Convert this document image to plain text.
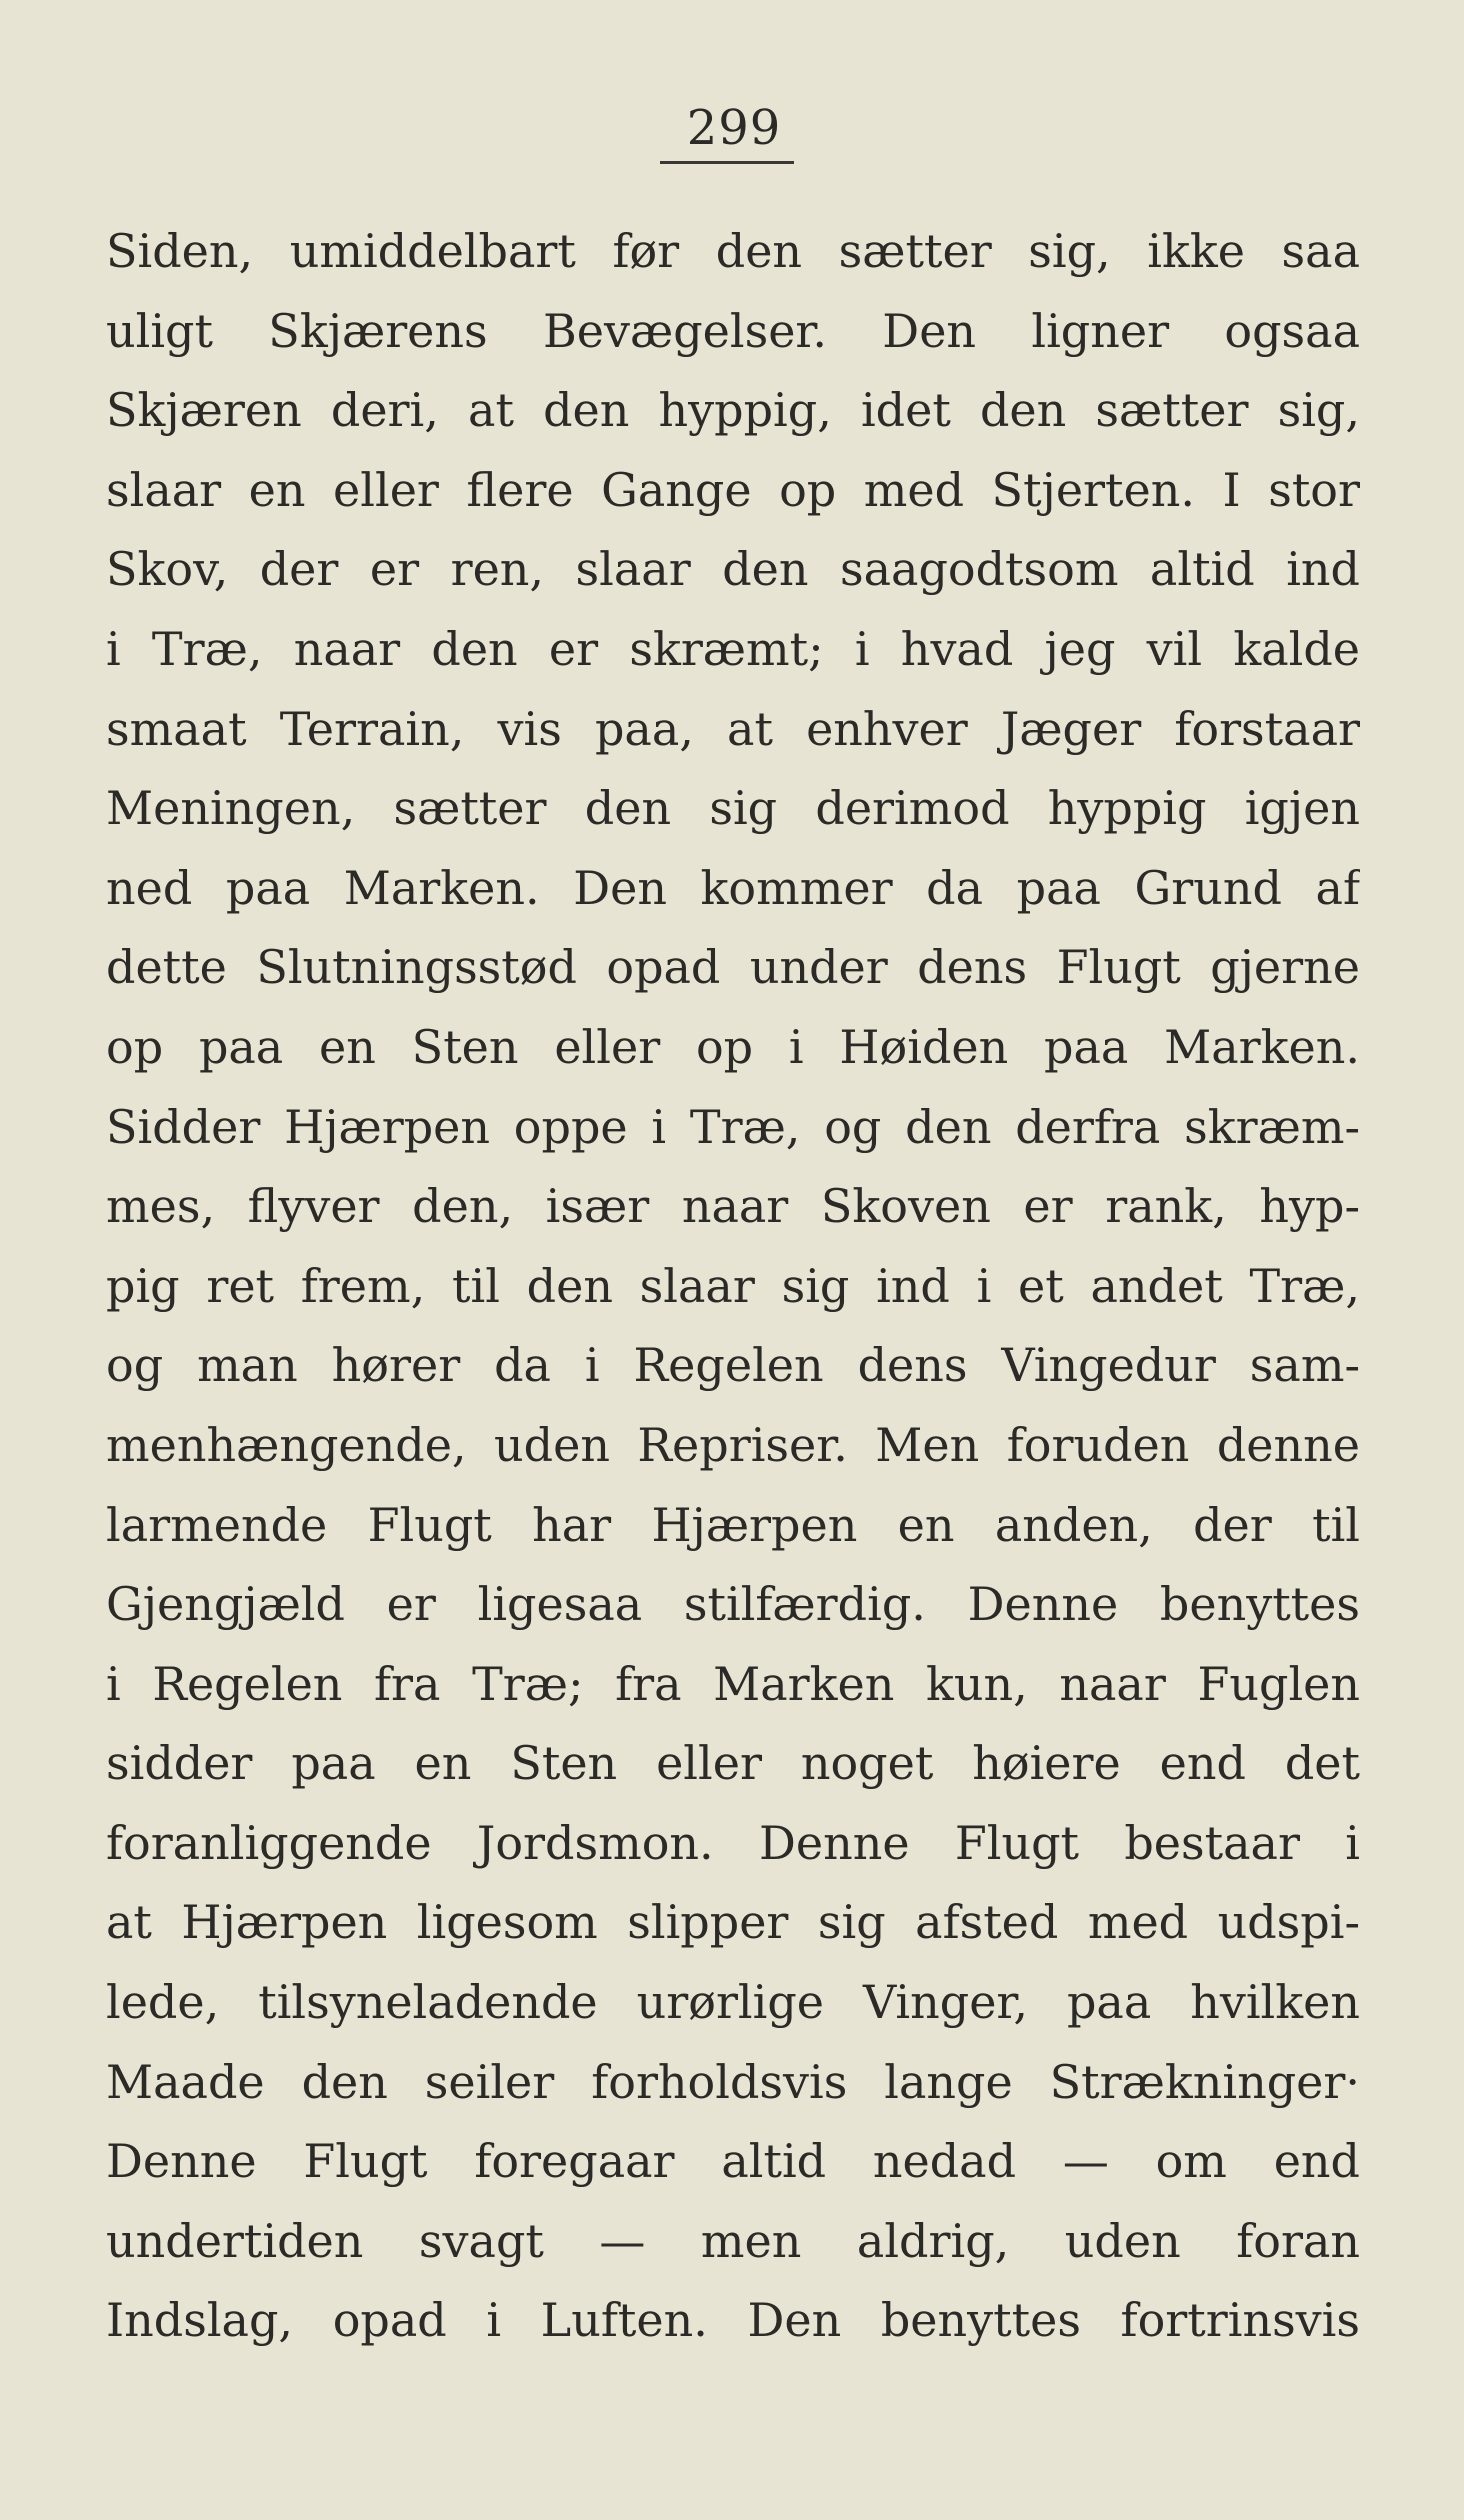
299
Siden, umiddelbart før den sætter sig, ikke saa
uligt Skjærens Bevægelser. Den ligner ogsaa
Skjæren deri, at den hyppig, idet den sætter sig,
slaar en eller flere Gange op med Stjerten. I stor
Skov, der er ren, slaar den saagodtsom altid ind
i Træ, naar den er skræmt; i hvad jeg vil kalde
smaat Terrain, vis paa, at enhver Jæger forstaar
Meningen, sætter den sig derimod hyppig igjen
ned paa Marken. Den kommer da paa Grund af
dette Slutningsstød opad under dens Flugt gjerne
op paa en Sten eller op i Høiden paa Marken.
Sidder Hjærpen oppe i Træ, og den derfra skræm-
mes, flyver den, især naar Skoven er rank, hyp-
pig ret frem, til den slaar sig ind i et andet Træ,
og man hører da i Regelen dens Vingedur sam-
menhængende, uden Repriser. Men foruden denne
larmende Flugt har Hjærpen en anden, der til
Gjengjæld er ligesaa stilfærdig. Denne benyttes
i Regelen fra Træ; fra Marken kun, naar Fuglen
sidder paa en Sten eller noget høiere end det
foranliggende Jordsmon. Denne Flugt bestaar i
at Hjærpen ligesom slipper sig afsted med udspi-
lede, tilsyneladende urørlige Vinger, paa hvilken
Maade den seiler forholdsvis lange Strækninger·
Denne Flugt foregaar altid nedad — om end
undertiden svagt — men aldrig, uden foran
Indslag, opad i Luften. Den benyttes fortrinsvis
